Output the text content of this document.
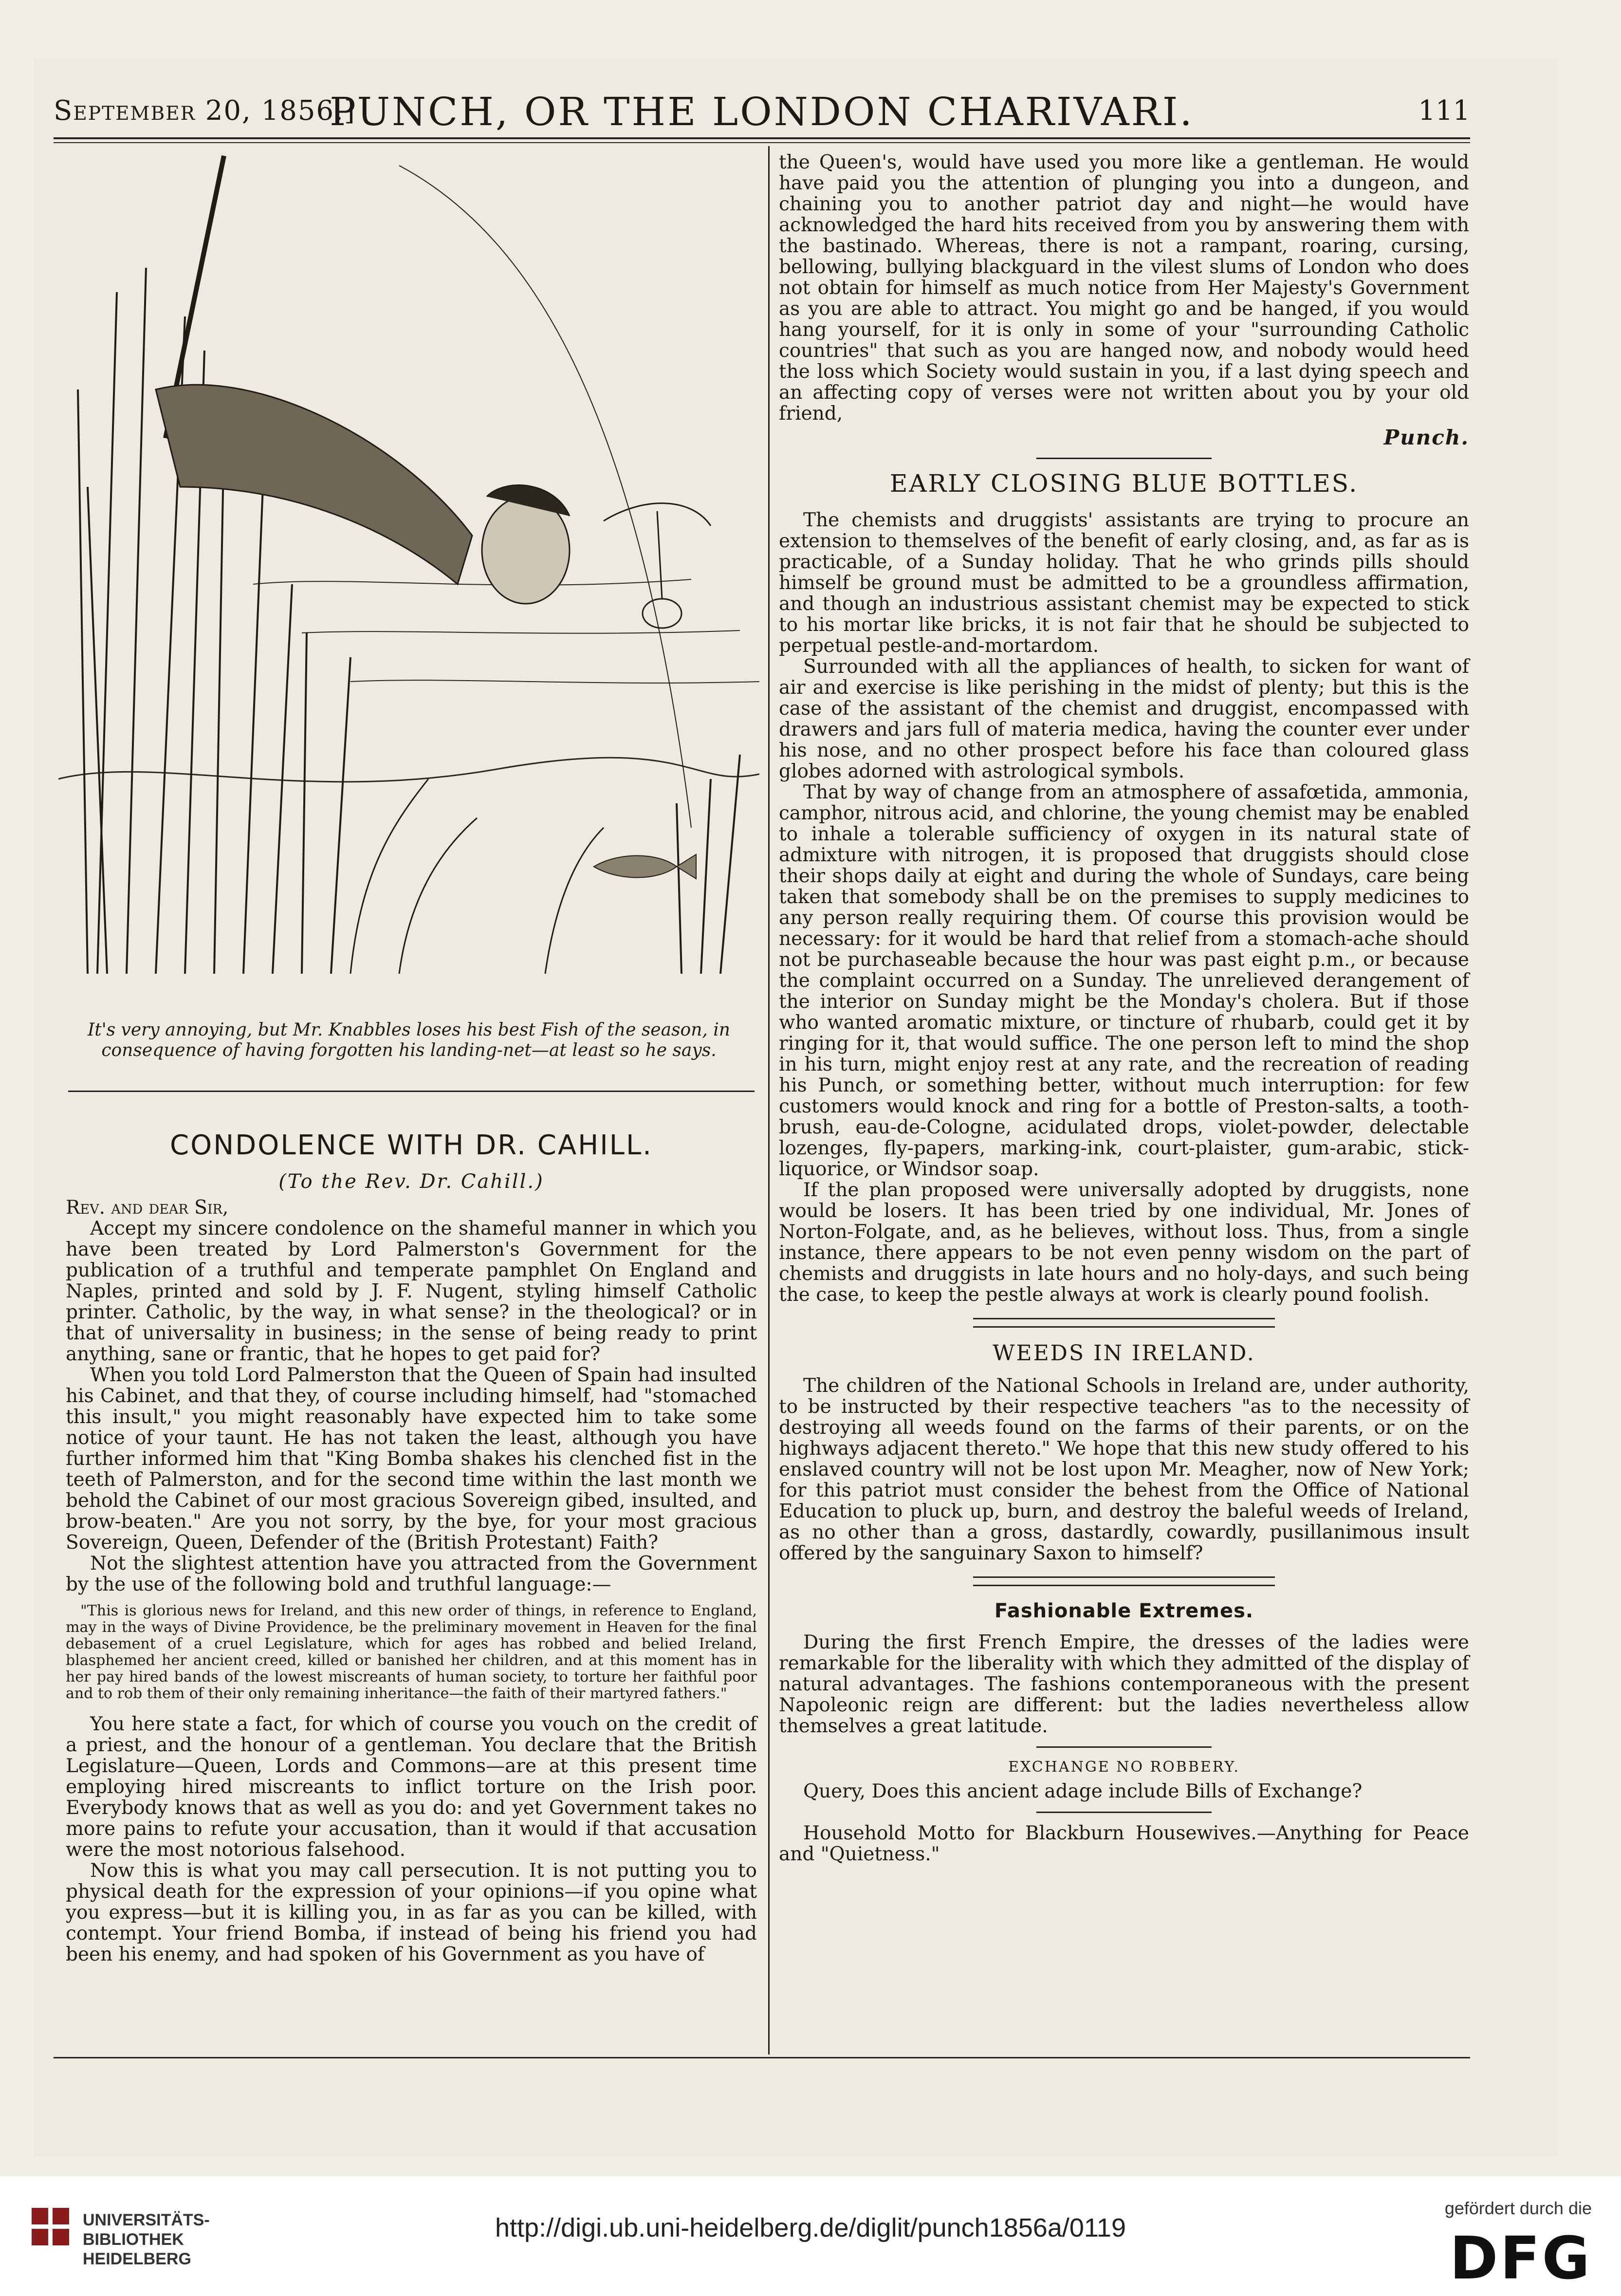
September 20, 1856.]
PUNCH, OR THE LONDON CHARIVARI.	111
It's very annoying, but Mr. Knabbles loses his best Fish of the season, in consequence of having forgotten his landing-net—at least so he says.
CONDOLENCE WITH DR. CAHILL.
(To the Rev. Dr. Cahill.)

Rev. and dear Sir,

Accept my sincere condolence on the shameful manner in which you have been treated by Lord Palmerston's Government for the publication of a truthful and temperate pamphlet On England and Naples, printed and sold by J. F. Nugent, styling himself Catholic printer. Catholic, by the way, in what sense? in the theological? or in that of universality in business; in the sense of being ready to print anything, sane or frantic, that he hopes to get paid for?

When you told Lord Palmerston that the Queen of Spain had insulted his Cabinet, and that they, of course including himself, had "stomached this insult," you might reasonably have expected him to take some notice of your taunt. He has not taken the least, although you have further informed him that "King Bomba shakes his clenched fist in the teeth of Palmerston, and for the second time within the last month we behold the Cabinet of our most gracious Sovereign gibed, insulted, and brow-beaten." Are you not sorry, by the bye, for your most gracious Sovereign, Queen, Defender of the (British Protestant) Faith?

Not the slightest attention have you attracted from the Government by the use of the following bold and truthful language:—

"This is glorious news for Ireland, and this new order of things, in reference to England, may in the ways of Divine Providence, be the preliminary movement in Heaven for the final debasement of a cruel Legislature, which for ages has robbed and belied Ireland, blasphemed her ancient creed, killed or banished her children, and at this moment has in her pay hired bands of the lowest miscreants of human society, to torture her faithful poor and to rob them of their only remaining inheritance—the faith of their martyred fathers."

You here state a fact, for which of course you vouch on the credit of a priest, and the honour of a gentleman. You declare that the British Legislature—Queen, Lords and Commons—are at this present time employing hired miscreants to inflict torture on the Irish poor. Everybody knows that as well as you do: and yet Government takes no more pains to refute your accusation, than it would if that accusation were the most notorious falsehood.

Now this is what you may call persecution. It is not putting you to physical death for the expression of your opinions—if you opine what you express—but it is killing you, in as far as you can be killed, with contempt. Your friend Bomba, if instead of being his friend you had been his enemy, and had spoken of his Government as you have of

the Queen's, would have used you more like a gentleman. He would have paid you the attention of plunging you into a dungeon, and chaining you to another patriot day and night—he would have acknowledged the hard hits received from you by answering them with the bastinado. Whereas, there is not a rampant, roaring, cursing, bellowing, bullying blackguard in the vilest slums of London who does not obtain for himself as much notice from Her Majesty's Government as you are able to attract. You might go and be hanged, if you would hang yourself, for it is only in some of your "surrounding Catholic countries" that such as you are hanged now, and nobody would heed the loss which Society would sustain in you, if a last dying speech and an affecting copy of verses were not written about you by your old friend,

Punch.

EARLY CLOSING BLUE BOTTLES.

The chemists and druggists' assistants are trying to procure an extension to themselves of the benefit of early closing, and, as far as is practicable, of a Sunday holiday. That he who grinds pills should himself be ground must be admitted to be a groundless affirmation, and though an industrious assistant chemist may be expected to stick to his mortar like bricks, it is not fair that he should be subjected to perpetual pestle-and-mortardom.

Surrounded with all the appliances of health, to sicken for want of air and exercise is like perishing in the midst of plenty; but this is the case of the assistant of the chemist and druggist, encompassed with drawers and jars full of materia medica, having the counter ever under his nose, and no other prospect before his face than coloured glass globes adorned with astrological symbols.

That by way of change from an atmosphere of assafœtida, ammonia, camphor, nitrous acid, and chlorine, the young chemist may be enabled to inhale a tolerable sufficiency of oxygen in its natural state of admixture with nitrogen, it is proposed that druggists should close their shops daily at eight and during the whole of Sundays, care being taken that somebody shall be on the premises to supply medicines to any person really requiring them. Of course this provision would be necessary: for it would be hard that relief from a stomach-ache should not be purchaseable because the hour was past eight p.m., or because the complaint occurred on a Sunday. The unrelieved derangement of the interior on Sunday might be the Monday's cholera. But if those who wanted aromatic mixture, or tincture of rhubarb, could get it by ringing for it, that would suffice. The one person left to mind the shop in his turn, might enjoy rest at any rate, and the recreation of reading his Punch, or something better, without much interruption: for few customers would knock and ring for a bottle of Preston-salts, a tooth-brush, eau-de-Cologne, acidulated drops, violet-powder, delectable lozenges, fly-papers, marking-ink, court-plaister, gum-arabic, stick-liquorice, or Windsor soap.

If the plan proposed were universally adopted by druggists, none would be losers. It has been tried by one individual, Mr. Jones of Norton-Folgate, and, as he believes, without loss. Thus, from a single instance, there appears to be not even penny wisdom on the part of chemists and druggists in late hours and no holy-days, and such being the case, to keep the pestle always at work is clearly pound foolish.

WEEDS IN IRELAND.

The children of the National Schools in Ireland are, under authority, to be instructed by their respective teachers "as to the necessity of destroying all weeds found on the farms of their parents, or on the highways adjacent thereto." We hope that this new study offered to his enslaved country will not be lost upon Mr. Meagher, now of New York; for this patriot must consider the behest from the Office of National Education to pluck up, burn, and destroy the baleful weeds of Ireland, as no other than a gross, dastardly, cowardly, pusillanimous insult offered by the sanguinary Saxon to himself?

Fashionable Extremes.

During the first French Empire, the dresses of the ladies were remarkable for the liberality with which they admitted of the display of natural advantages. The fashions contemporaneous with the present Napoleonic reign are different: but the ladies nevertheless allow themselves a great latitude.

EXCHANGE NO ROBBERY.

Query, Does this ancient adage include Bills of Exchange?

Household Motto for Blackburn Housewives.—Anything for Peace and "Quietness."

UNIVERSITÄTS-
BIBLIOTHEK
HEIDELBERG
http://digi.ub.uni-heidelberg.de/diglit/punch1856a/0119
gefördert durch die
DFG
